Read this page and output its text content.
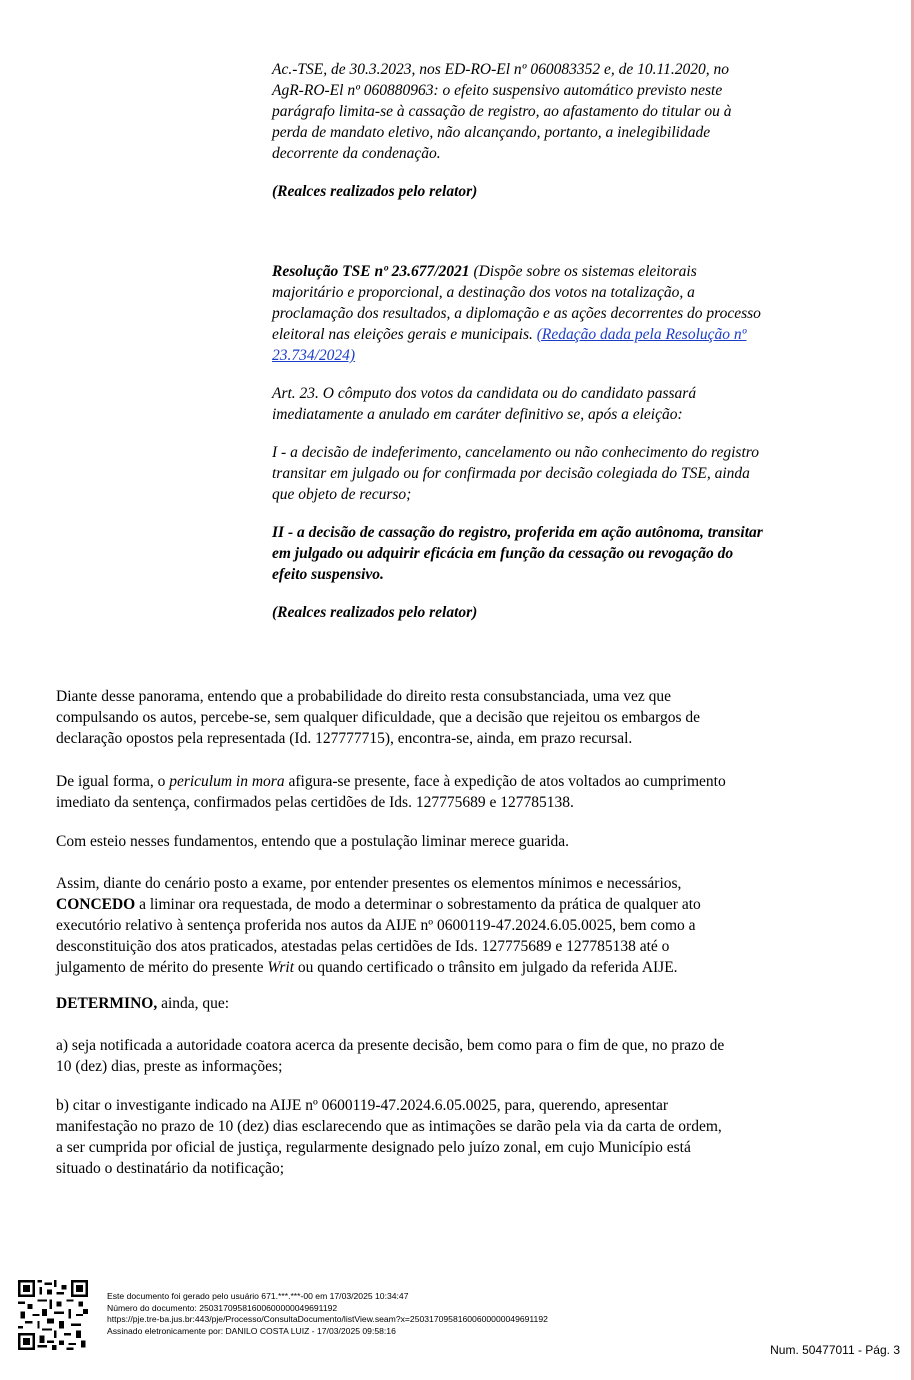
Ac.-TSE, de 30.3.2023, nos ED-RO-El nº 060083352 e, de 10.11.2020, no

AgR-RO-El nº 060880963: o efeito suspensivo automático previsto neste

parágrafo limita-se à cassação de registro, ao afastamento do titular ou à

perda de mandato eletivo, não alcançando, portanto, a inelegibilidade

decorrente da condenação.

(Realces realizados pelo relator)

Resolução TSE nº 23.677/2021 (Dispõe sobre os sistemas eleitorais

majoritário e proporcional, a destinação dos votos na totalização, a

proclamação dos resultados, a diplomação e as ações decorrentes do processo

eleitoral nas eleições gerais e municipais. (Redação dada pela Resolução nº

23.734/2024)

Art. 23. O cômputo dos votos da candidata ou do candidato passará

imediatamente a anulado em caráter definitivo se, após a eleição:

I - a decisão de indeferimento, cancelamento ou não conhecimento do registro

transitar em julgado ou for confirmada por decisão colegiada do TSE, ainda

que objeto de recurso;

II - a decisão de cassação do registro, proferida em ação autônoma, transitar

em julgado ou adquirir eficácia em função da cessação ou revogação do

efeito suspensivo.

(Realces realizados pelo relator)

Diante desse panorama, entendo que a probabilidade do direito resta consubstanciada, uma vez que

compulsando os autos, percebe-se, sem qualquer dificuldade, que a decisão que rejeitou os embargos de

declaração opostos pela representada (Id. 127777715), encontra-se, ainda, em prazo recursal.

De igual forma, o periculum in mora afigura-se presente, face à expedição de atos voltados ao cumprimento

imediato da sentença, confirmados pelas certidões de Ids. 127775689 e 127785138.

Com esteio nesses fundamentos, entendo que a postulação liminar merece guarida.

Assim, diante do cenário posto a exame, por entender presentes os elementos mínimos e necessários,

CONCEDO a liminar ora requestada, de modo a determinar o sobrestamento da prática de qualquer ato

executório relativo à sentença proferida nos autos da AIJE nº 0600119-47.2024.6.05.0025, bem como a

desconstituição dos atos praticados, atestadas pelas certidões de Ids. 127775689 e 127785138 até o

julgamento de mérito do presente Writ ou quando certificado o trânsito em julgado da referida AIJE.

DETERMINO, ainda, que:

a) seja notificada a autoridade coatora acerca da presente decisão, bem como para o fim de que, no prazo de

10 (dez) dias, preste as informações;

b) citar o investigante indicado na AIJE nº 0600119-47.2024.6.05.0025, para, querendo, apresentar

manifestação no prazo de 10 (dez) dias esclarecendo que as intimações se darão pela via da carta de ordem,

a ser cumprida por oficial de justiça, regularmente designado pelo juízo zonal, em cujo Município está

situado o destinatário da notificação;

Este documento foi gerado pelo usuário 671.***.***-00 em 17/03/2025 10:34:47
Número do documento: 25031709581600600000049691192
https://pje.tre-ba.jus.br:443/pje/Processo/ConsultaDocumento/listView.seam?x=25031709581600600000049691192
Assinado eletronicamente por: DANILO COSTA LUIZ - 17/03/2025 09:58:16
Num. 50477011 - Pág. 3
